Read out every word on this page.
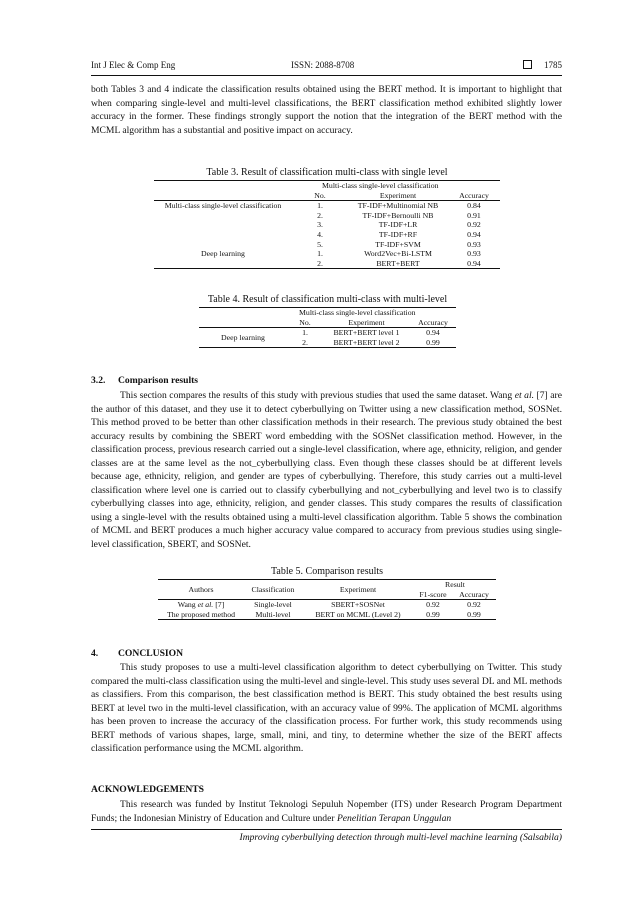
Int J Elec & Comp Eng	ISSN: 2088-8708	1785
both Tables 3 and 4 indicate the classification results obtained using the BERT method. It is important to highlight that when comparing single-level and multi-level classifications, the BERT classification method exhibited slightly lower accuracy in the former. These findings strongly support the notion that the integration of the BERT method with the MCML algorithm has a substantial and positive impact on accuracy.
Table 3. Result of classification multi-class with single level
	Multi-class single-level classification		
	No.	Experiment	Accuracy
Multi-class single-level classification	1.	TF-IDF+Multinomial NB	0.84
	2.	TF-IDF+Bernoulli NB	0.91
	3.	TF-IDF+LR	0.92
	4.	TF-IDF+RF	0.94
	5.	TF-IDF+SVM	0.93
Deep learning	1.	Word2Vec+Bi-LSTM	0.93
	2.	BERT+BERT	0.94
Table 4. Result of classification multi-class with multi-level
	Multi-class single-level classification		
	No.	Experiment	Accuracy
Deep learning	1.	BERT+BERT level 1	0.94
	2.	BERT+BERT level 2	0.99
3.2. Comparison results
This section compares the results of this study with previous studies that used the same dataset. Wang et al. [7] are the author of this dataset, and they use it to detect cyberbullying on Twitter using a new classification method, SOSNet. This method proved to be better than other classification methods in their research. The previous study obtained the best accuracy results by combining the SBERT word embedding with the SOSNet classification method. However, in the classification process, previous research carried out a single-level classification, where age, ethnicity, religion, and gender classes are at the same level as the not_cyberbullying class. Even though these classes should be at different levels because age, ethnicity, religion, and gender are types of cyberbullying. Therefore, this study carries out a multi-level classification where level one is carried out to classify cyberbullying and not_cyberbullying and level two is to classify cyberbullying classes into age, ethnicity, religion, and gender classes. This study compares the results of classification using a single-level with the results obtained using a multi-level classification algorithm. Table 5 shows the combination of MCML and BERT produces a much higher accuracy value compared to accuracy from previous studies using single-level classification, SBERT, and SOSNet.
Table 5. Comparison results
Authors	Classification	Experiment	Result	
			F1-score	Accuracy
Wang et al. [7]	Single-level	SBERT+SOSNet	0.92	0.92
The proposed method	Multi-level	BERT on MCML (Level 2)	0.99	0.99
4. CONCLUSION
This study proposes to use a multi-level classification algorithm to detect cyberbullying on Twitter. This study compared the multi-class classification using the multi-level and single-level. This study uses several DL and ML methods as classifiers. From this comparison, the best classification method is BERT. This study obtained the best results using BERT at level two in the multi-level classification, with an accuracy value of 99%. The application of MCML algorithms has been proven to increase the accuracy of the classification process. For further work, this study recommends using BERT methods of various shapes, large, small, mini, and tiny, to determine whether the size of the BERT affects classification performance using the MCML algorithm.
ACKNOWLEDGEMENTS
This research was funded by Institut Teknologi Sepuluh Nopember (ITS) under Research Program Department Funds; the Indonesian Ministry of Education and Culture under Penelitian Terapan Unggulan
Improving cyberbullying detection through multi-level machine learning (Salsabila)
